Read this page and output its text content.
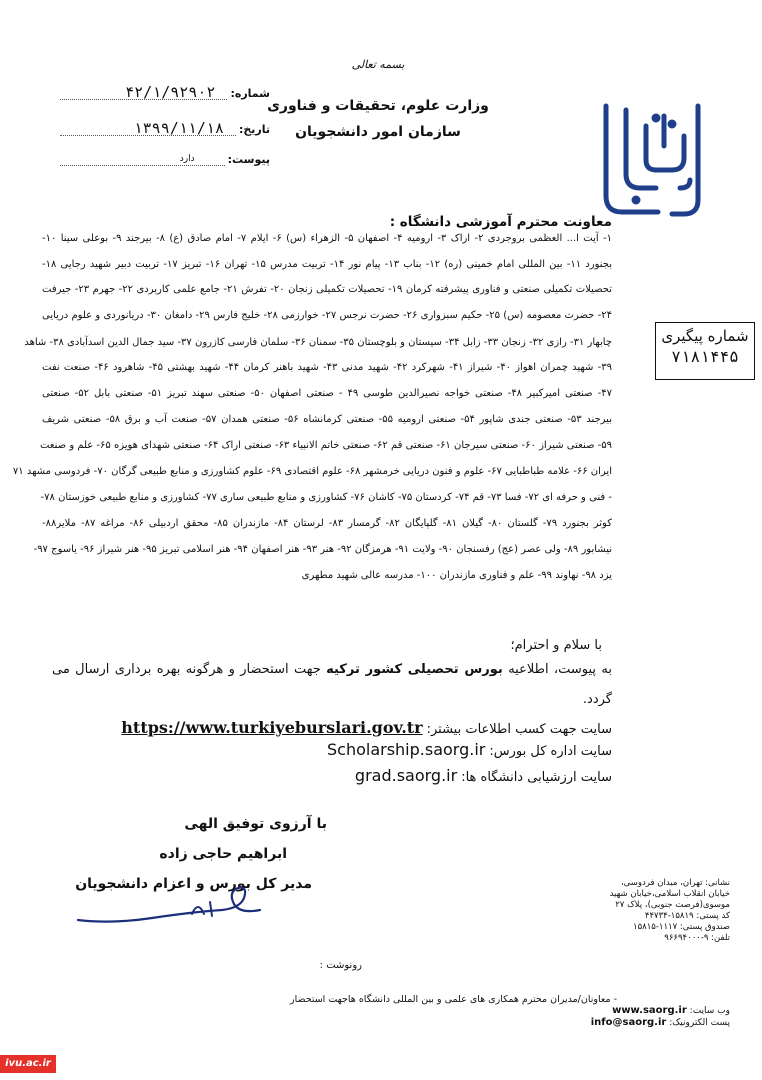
بسمه تعالی
وزارت علوم، تحقیقات و فناوری
سازمان امور دانشجویان
شماره:
۴۲/۱/۹۲۹۰۲
تاریخ:
۱۳۹۹/۱۱/۱۸
پیوست:
دارد
معاونت محترم آموزشی دانشگاه :
شماره پیگیری
۷۱۸۱۴۴۵
۱- آیت ا... العظمی بروجردی ۲- اراک ۳- ارومیه ۴- اصفهان ۵- الزهراء (س) ۶- ایلام ۷- امام صادق (ع) ۸- بیرجند ۹- بوعلی سینا ۱۰-
بجنورد ۱۱- بین المللی امام خمینی (ره) ۱۲- بناب ۱۳- پیام نور ۱۴- تربیت مدرس ۱۵- تهران ۱۶- تبریز ۱۷- تربیت دبیر شهید رجایی ۱۸-
تحصیلات تکمیلی صنعتی و فناوری پیشرفته کرمان ۱۹- تحصیلات تکمیلی زنجان ۲۰- تفرش ۲۱- جامع علمی کاربردی ۲۲- جهرم ۲۳- جیرفت
۲۴- حضرت معصومه (س) ۲۵- حکیم سبزواری ۲۶- حضرت نرجس ۲۷- خوارزمی ۲۸- خلیج فارس ۲۹- دامغان ۳۰- دریانوردی و علوم دریایی
چابهار ۳۱- رازی ۳۲- زنجان ۳۳- زابل ۳۴- سیستان و بلوچستان ۳۵- سمنان ۳۶- سلمان فارسی کازرون ۳۷- سید جمال الدین اسدآبادی ۳۸- شاهد
۳۹- شهید چمران اهواز ۴۰- شیراز ۴۱- شهرکرد ۴۲- شهید مدنی ۴۳- شهید باهنر کرمان ۴۴- شهید بهشتی ۴۵- شاهرود ۴۶- صنعت نفت
۴۷- صنعتی امیرکبیر ۴۸- صنعتی خواجه نصیرالدین طوسی ۴۹ - صنعتی اصفهان ۵۰- صنعتی سهند تبریز ۵۱- صنعتی بابل ۵۲- صنعتی
بیرجند ۵۳- صنعتی جندی شاپور ۵۴- صنعتی ارومیه ۵۵- صنعتی کرمانشاه ۵۶- صنعتی همدان ۵۷- صنعت آب و برق ۵۸- صنعتی شریف
۵۹- صنعتی شیراز ۶۰- صنعتی سیرجان ۶۱- صنعتی قم ۶۲- صنعتی خاتم الانبیاء ۶۳- صنعتی اراک ۶۴- صنعتی شهدای هویزه ۶۵- علم و صنعت
ایران ۶۶- علامه طباطبایی ۶۷- علوم و فنون دریایی خرمشهر ۶۸- علوم اقتصادی ۶۹- علوم کشاورزی و منابع طبیعی گرگان ۷۰- فردوسی مشهد ۷۱
- فنی و حرفه ای ۷۲- فسا ۷۳- قم ۷۴- کردستان ۷۵- کاشان ۷۶- کشاورزی و منابع طبیعی ساری ۷۷- کشاورزی و منابع طبیعی خوزستان ۷۸-
کوثر بجنورد ۷۹- گلستان ۸۰- گیلان ۸۱- گلپایگان ۸۲- گرمسار ۸۳- لرستان ۸۴- مازندران ۸۵- محقق اردبیلی ۸۶- مراغه ۸۷- ملایر۸۸-
نیشابور ۸۹- ولی عصر (عج) رفسنجان ۹۰- ولایت ۹۱- هرمزگان ۹۲- هنر ۹۳- هنر اصفهان ۹۴- هنر اسلامی تبریز ۹۵- هنر شیراز ۹۶- یاسوج ۹۷-
یزد ۹۸- نهاوند ۹۹- علم و فناوری مازندران ۱۰۰- مدرسه عالی شهید مطهری
با سلام و احترام؛
به پیوست، اطلاعیه بورس تحصیلی کشور ترکیه جهت استحضار و هرگونه بهره برداری ارسال می
گردد.
سایت جهت کسب اطلاعات بیشتر:
https://www.turkiyeburslari.gov.tr
سایت اداره کل بورس:
Scholarship.saorg.ir
سایت ارزشیابی دانشگاه ها:
grad.saorg.ir
با آرزوی توفیق الهی
ابراهیم حاجی زاده
مدیر کل بورس و اعزام دانشجویان	نشانی: تهران، میدان فردوسی،
خیابان انقلاب اسلامی،خیابان شهید
موسوی(فرصت جنوبی)، پلاک ۲۷
کد پستی: ۱۵۸۱۹-۴۴۷۳۴
صندوق پستی: ۱۱۱۷-۱۵۸۱۵
تلفن: ۹-۹۶۶۹۴۰۰۰
رونوشت :
- معاونان/مدیران محترم همکاری های علمی و بین المللی دانشگاه هاجهت استحضار
وب سایت: www.saorg.ir
پست الکترونیک: info@saorg.ir
ivu.ac.ir
